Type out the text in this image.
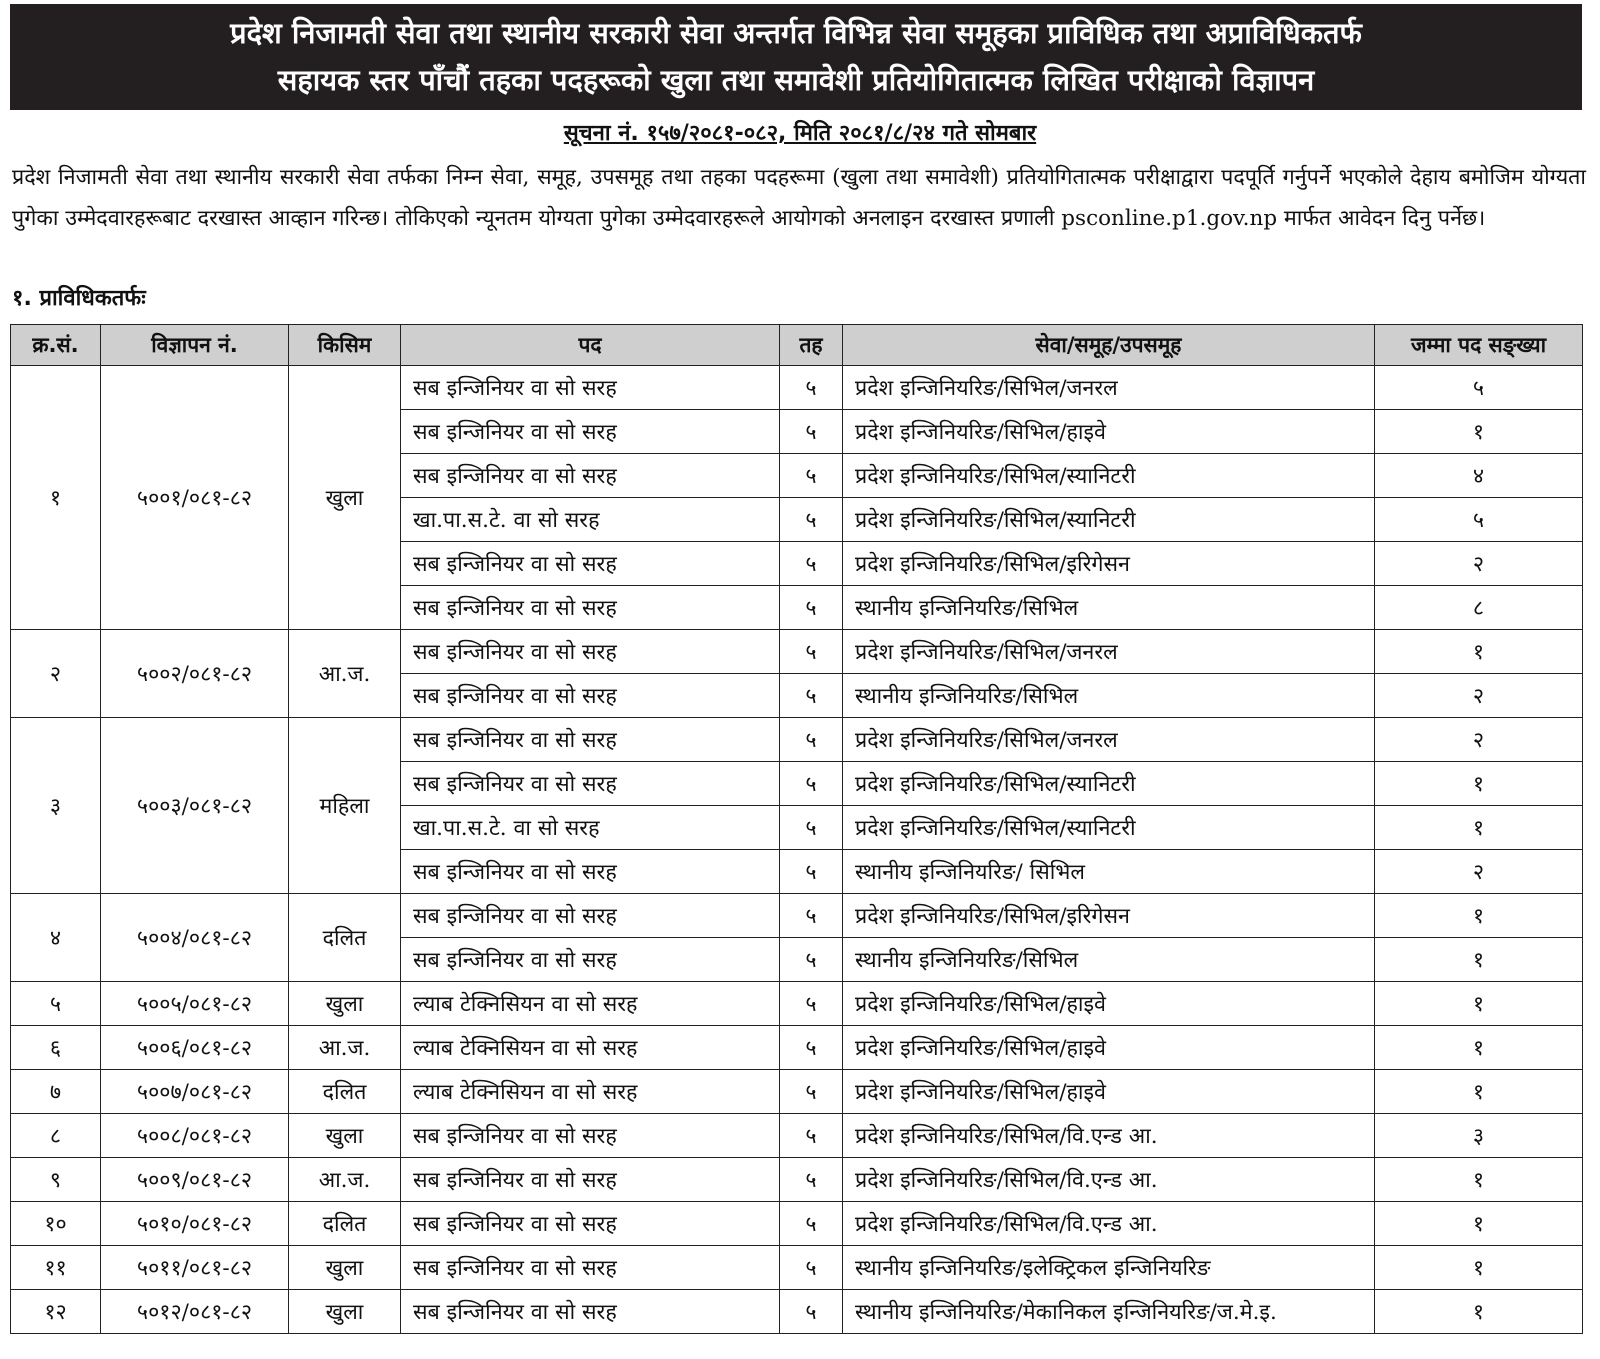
प्रदेश निजामती सेवा तथा स्थानीय सरकारी सेवा अन्तर्गत विभिन्न सेवा समूहका प्राविधिक तथा अप्राविधिकतर्फ
सहायक स्तर पाँचौं तहका पदहरूको खुला तथा समावेशी प्रतियोगितात्मक लिखित परीक्षाको विज्ञापन
सूचना नं. १५७/२०८१-०८२, मिति २०८१/८/२४ गते सोमबार
प्रदेश निजामती सेवा तथा स्थानीय सरकारी सेवा तर्फका निम्न सेवा, समूह, उपसमूह तथा तहका पदहरूमा (खुला तथा समावेशी) प्रतियोगितात्मक परीक्षाद्वारा पदपूर्ति गर्नुपर्ने भएकोले देहाय बमोजिम योग्यता पुगेका उम्मेदवारहरूबाट दरखास्त आव्हान गरिन्छ। तोकिएको न्यूनतम योग्यता पुगेका उम्मेदवारहरूले आयोगको अनलाइन दरखास्त प्रणाली psconline.p1.gov.np मार्फत आवेदन दिनु पर्नेछ।
१. प्राविधिकतर्फः
क्र.सं.	विज्ञापन नं.	किसिम	पद	तह	सेवा/समूह/उपसमूह	जम्मा पद सङ्ख्या
१	५००१/०८१-८२	खुला	सब इन्जिनियर वा सो सरह	५	प्रदेश इन्जिनियरिङ/सिभिल/जनरल	५
			सब इन्जिनियर वा सो सरह	५	प्रदेश इन्जिनियरिङ/सिभिल/हाइवे	१
			सब इन्जिनियर वा सो सरह	५	प्रदेश इन्जिनियरिङ/सिभिल/स्यानिटरी	४
			खा.पा.स.टे. वा सो सरह	५	प्रदेश इन्जिनियरिङ/सिभिल/स्यानिटरी	५
			सब इन्जिनियर वा सो सरह	५	प्रदेश इन्जिनियरिङ/सिभिल/इरिगेसन	२
			सब इन्जिनियर वा सो सरह	५	स्थानीय इन्जिनियरिङ/सिभिल	८
२	५००२/०८१-८२	आ.ज.	सब इन्जिनियर वा सो सरह	५	प्रदेश इन्जिनियरिङ/सिभिल/जनरल	१
			सब इन्जिनियर वा सो सरह	५	स्थानीय इन्जिनियरिङ/सिभिल	२
३	५००३/०८१-८२	महिला	सब इन्जिनियर वा सो सरह	५	प्रदेश इन्जिनियरिङ/सिभिल/जनरल	२
			सब इन्जिनियर वा सो सरह	५	प्रदेश इन्जिनियरिङ/सिभिल/स्यानिटरी	१
			खा.पा.स.टे. वा सो सरह	५	प्रदेश इन्जिनियरिङ/सिभिल/स्यानिटरी	१
			सब इन्जिनियर वा सो सरह	५	स्थानीय इन्जिनियरिङ/ सिभिल	२
४	५००४/०८१-८२	दलित	सब इन्जिनियर वा सो सरह	५	प्रदेश इन्जिनियरिङ/सिभिल/इरिगेसन	१
			सब इन्जिनियर वा सो सरह	५	स्थानीय इन्जिनियरिङ/सिभिल	१
५	५००५/०८१-८२	खुला	ल्याब टेक्निसियन वा सो सरह	५	प्रदेश इन्जिनियरिङ/सिभिल/हाइवे	१
६	५००६/०८१-८२	आ.ज.	ल्याब टेक्निसियन वा सो सरह	५	प्रदेश इन्जिनियरिङ/सिभिल/हाइवे	१
७	५००७/०८१-८२	दलित	ल्याब टेक्निसियन वा सो सरह	५	प्रदेश इन्जिनियरिङ/सिभिल/हाइवे	१
८	५००८/०८१-८२	खुला	सब इन्जिनियर वा सो सरह	५	प्रदेश इन्जिनियरिङ/सिभिल/वि.एन्ड आ.	३
९	५००९/०८१-८२	आ.ज.	सब इन्जिनियर वा सो सरह	५	प्रदेश इन्जिनियरिङ/सिभिल/वि.एन्ड आ.	१
१०	५०१०/०८१-८२	दलित	सब इन्जिनियर वा सो सरह	५	प्रदेश इन्जिनियरिङ/सिभिल/वि.एन्ड आ.	१
११	५०११/०८१-८२	खुला	सब इन्जिनियर वा सो सरह	५	स्थानीय इन्जिनियरिङ/इलेक्ट्रिकल इन्जिनियरिङ	१
१२	५०१२/०८१-८२	खुला	सब इन्जिनियर वा सो सरह	५	स्थानीय इन्जिनियरिङ/मेकानिकल इन्जिनियरिङ/ज.मे.इ.	१
